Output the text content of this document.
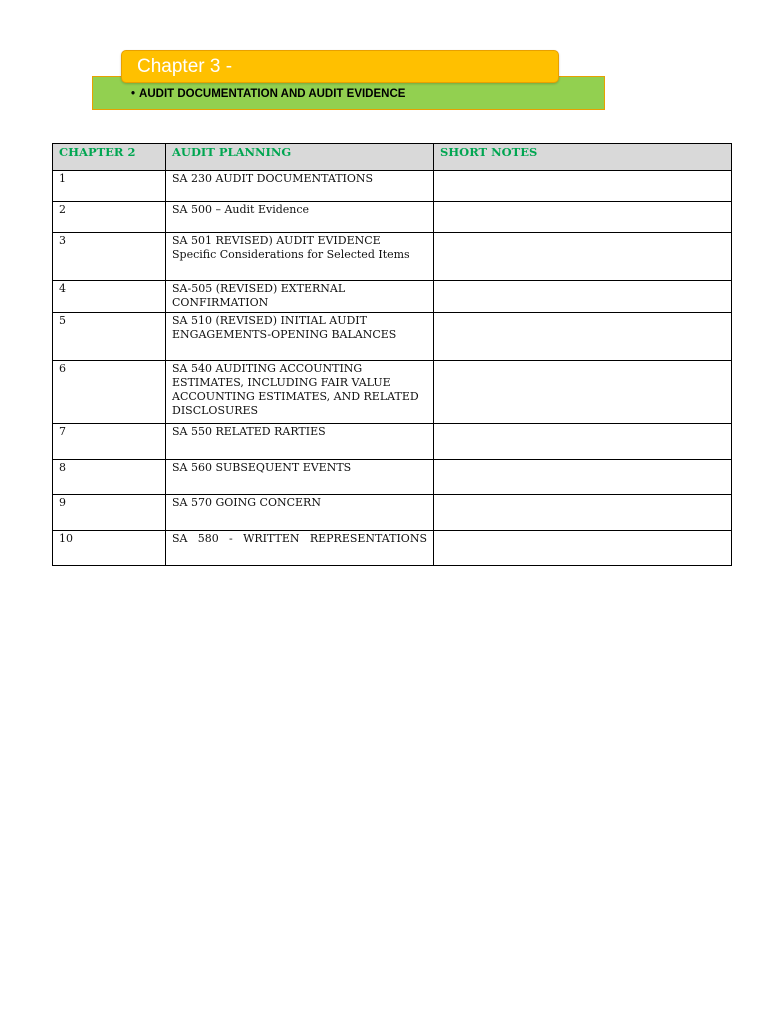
• AUDIT DOCUMENTATION AND AUDIT EVIDENCE
Chapter 3 -
CHAPTER 2	AUDIT PLANNING	SHORT NOTES
1	SA 230 AUDIT DOCUMENTATIONS	
2	SA 500 – Audit Evidence	
3	SA 501 REVISED) AUDIT EVIDENCE Specific Considerations for Selected Items	
4	SA-505 (REVISED) EXTERNAL CONFIRMATION	
5	SA 510 (REVISED) INITIAL AUDIT ENGAGEMENTS-OPENING BALANCES	
6	SA 540 AUDITING ACCOUNTING ESTIMATES, INCLUDING FAIR VALUE ACCOUNTING ESTIMATES, AND RELATED DISCLOSURES	
7	SA 550 RELATED RARTIES	
8	SA 560 SUBSEQUENT EVENTS	
9	SA 570 GOING CONCERN	
10	SA 580 - WRITTEN REPRESENTATIONS	
